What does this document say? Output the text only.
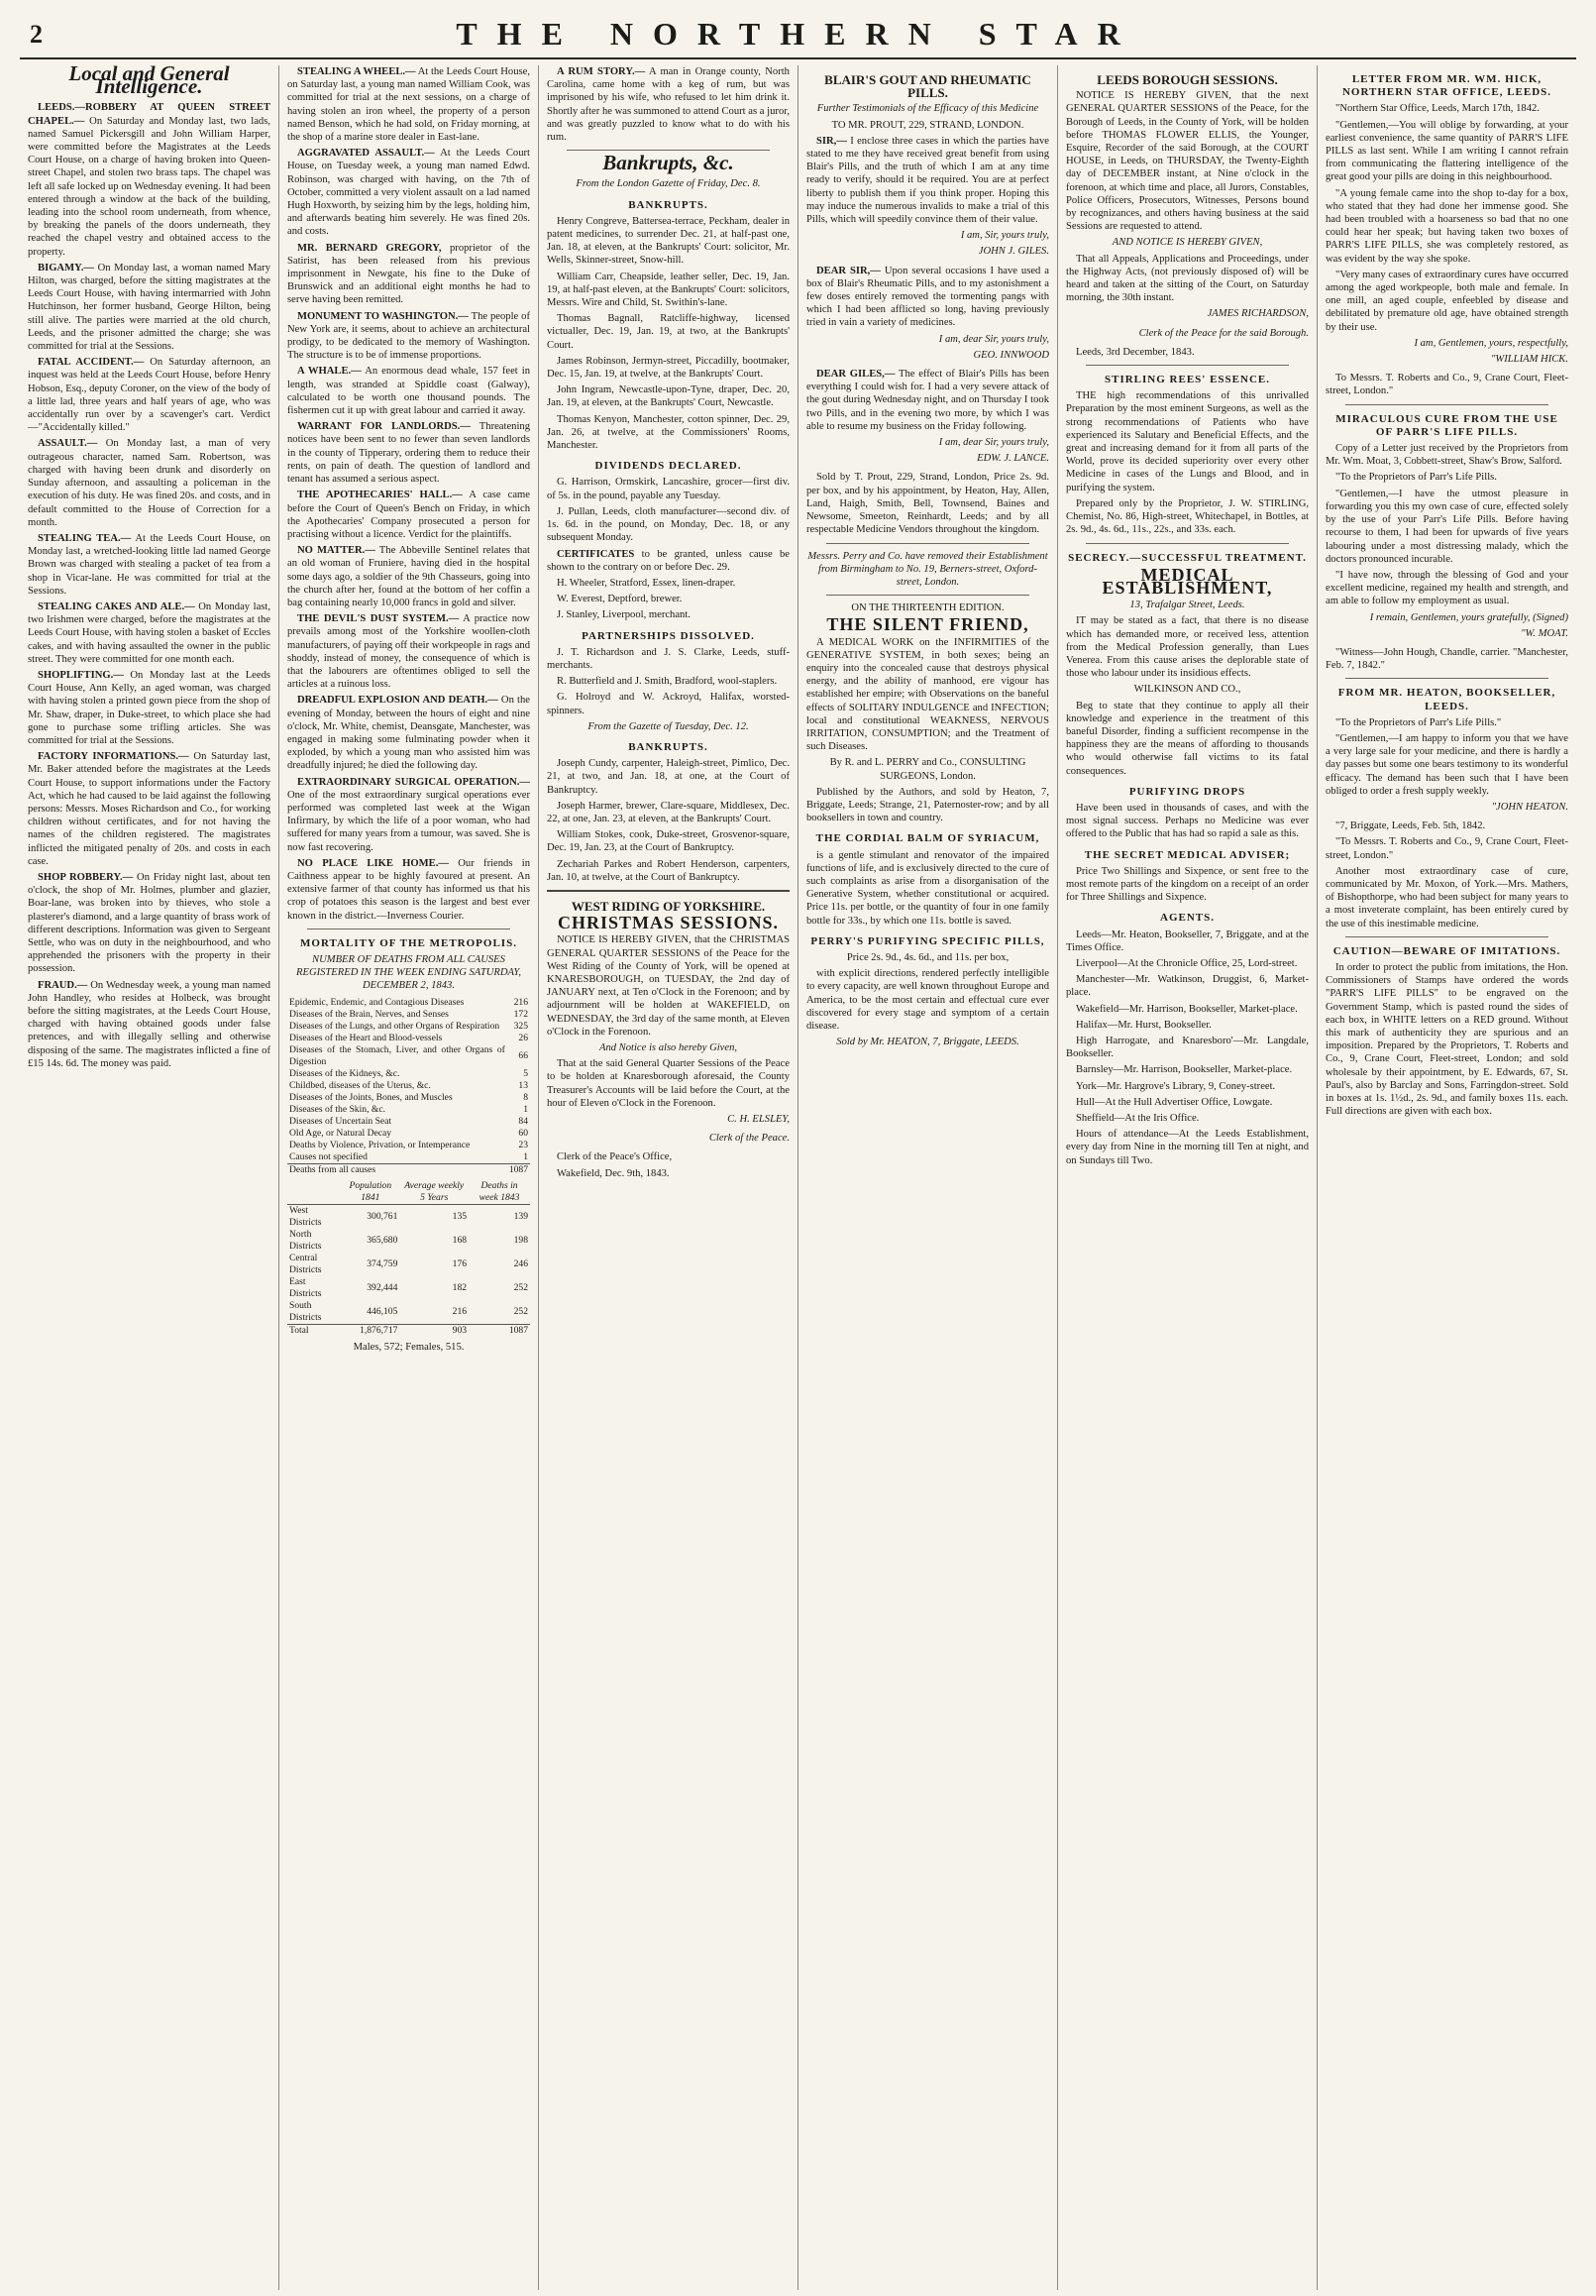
2	THE NORTHERN STAR
Local and General Intelligence.

LEEDS.—ROBBERY AT QUEEN STREET CHAPEL.— On Saturday and Monday last, two lads, named Samuel Pickersgill and John William Harper, were committed before the Magistrates at the Leeds Court House, on a charge of having broken into Queen-street Chapel, and stolen two brass taps. The chapel was left all safe locked up on Wednesday evening. It had been entered through a window at the back of the building, leading into the school room underneath, from whence, by breaking the panels of the doors underneath, they reached the chapel vestry and obtained access to the property.

BIGAMY.— On Monday last, a woman named Mary Hilton, was charged, before the sitting magistrates at the Leeds Court House, with having intermarried with John Hutchinson, her former husband, George Hilton, being still alive. The parties were married at the old church, Leeds, and the prisoner admitted the charge; she was committed for trial at the Sessions.

FATAL ACCIDENT.— On Saturday afternoon, an inquest was held at the Leeds Court House, before Henry Hobson, Esq., deputy Coroner, on the view of the body of a little lad, three years and half years of age, who was accidentally run over by a scavenger's cart. Verdict—"Accidentally killed."

ASSAULT.— On Monday last, a man of very outrageous character, named Sam. Robertson, was charged with having been drunk and disorderly on Sunday afternoon, and assaulting a policeman in the execution of his duty. He was fined 20s. and costs, and in default committed to the House of Correction for a month.

STEALING TEA.— At the Leeds Court House, on Monday last, a wretched-looking little lad named George Brown was charged with stealing a packet of tea from a shop in Vicar-lane. He was committed for trial at the Sessions.

STEALING CAKES AND ALE.— On Monday last, two Irishmen were charged, before the magistrates at the Leeds Court House, with having stolen a basket of Eccles cakes, and with having assaulted the owner in the public street. They were committed for one month each.

SHOPLIFTING.— On Monday last at the Leeds Court House, Ann Kelly, an aged woman, was charged with having stolen a printed gown piece from the shop of Mr. Shaw, draper, in Duke-street, to which place she had gone to purchase some trifling articles. She was committed for trial at the Sessions.

FACTORY INFORMATIONS.— On Saturday last, Mr. Baker attended before the magistrates at the Leeds Court House, to support informations under the Factory Act, which he had caused to be laid against the following persons: Messrs. Moses Richardson and Co., for working children without certificates, and for not having the names of the children registered. The magistrates inflicted the mitigated penalty of 20s. and costs in each case.

SHOP ROBBERY.— On Friday night last, about ten o'clock, the shop of Mr. Holmes, plumber and glazier, Boar-lane, was broken into by thieves, who stole a plasterer's diamond, and a large quantity of brass work of different descriptions. Information was given to Sergeant Settle, who was on duty in the neighbourhood, and who apprehended the prisoners with the property in their possession.

FRAUD.— On Wednesday week, a young man named John Handley, who resides at Holbeck, was brought before the sitting magistrates, at the Leeds Court House, charged with having obtained goods under false pretences, and with illegally selling and otherwise disposing of the same. The magistrates inflicted a fine of £15 14s. 6d. The money was paid.

STEALING A WHEEL.— At the Leeds Court House, on Saturday last, a young man named William Cook, was committed for trial at the next sessions, on a charge of having stolen an iron wheel, the property of a person named Benson, which he had sold, on Friday morning, at the shop of a marine store dealer in East-lane.

AGGRAVATED ASSAULT.— At the Leeds Court House, on Tuesday week, a young man named Edwd. Robinson, was charged with having, on the 7th of October, committed a very violent assault on a lad named Hugh Hoxworth, by seizing him by the legs, holding him, and afterwards beating him severely. He was fined 20s. and costs.

MR. BERNARD GREGORY, proprietor of the Satirist, has been released from his previous imprisonment in Newgate, his fine to the Duke of Brunswick and an additional eight months he had to serve having been remitted.

MONUMENT TO WASHINGTON.— The people of New York are, it seems, about to achieve an architectural prodigy, to be dedicated to the memory of Washington. The structure is to be of immense proportions.

A WHALE.— An enormous dead whale, 157 feet in length, was stranded at Spiddle coast (Galway), calculated to be worth one thousand pounds. The fishermen cut it up with great labour and carried it away.

WARRANT FOR LANDLORDS.— Threatening notices have been sent to no fewer than seven landlords in the county of Tipperary, ordering them to reduce their rents, on pain of death. The question of landlord and tenant has assumed a serious aspect.

THE APOTHECARIES' HALL.— A case came before the Court of Queen's Bench on Friday, in which the Apothecaries' Company prosecuted a person for practising without a licence. Verdict for the plaintiffs.

NO MATTER.— The Abbeville Sentinel relates that an old woman of Fruniere, having died in the hospital some days ago, a soldier of the 9th Chasseurs, going into the church after her, found at the bottom of her coffin a bag containing nearly 10,000 francs in gold and silver.

THE DEVIL'S DUST SYSTEM.— A practice now prevails among most of the Yorkshire woollen-cloth manufacturers, of paying off their workpeople in rags and shoddy, instead of money, the consequence of which is that the labourers are oftentimes obliged to sell the articles at a ruinous loss.

DREADFUL EXPLOSION AND DEATH.— On the evening of Monday, between the hours of eight and nine o'clock, Mr. White, chemist, Deansgate, Manchester, was engaged in making some fulminating powder when it exploded, by which a young man who assisted him was dreadfully injured; he died the following day.

EXTRAORDINARY SURGICAL OPERATION.— One of the most extraordinary surgical operations ever performed was completed last week at the Wigan Infirmary, by which the life of a poor woman, who had suffered for many years from a tumour, was saved. She is now fast recovering.

NO PLACE LIKE HOME.— Our friends in Caithness appear to be highly favoured at present. An extensive farmer of that county has informed us that his crop of potatoes this season is the largest and best ever known in the district.—Inverness Courier.

MORTALITY OF THE METROPOLIS.

NUMBER OF DEATHS FROM ALL CAUSES REGISTERED IN THE WEEK ENDING SATURDAY, DECEMBER 2, 1843.

Epidemic, Endemic, and Contagious Diseases	216
Diseases of the Brain, Nerves, and Senses	172
Diseases of the Lungs, and other Organs of Respiration	325
Diseases of the Heart and Blood-vessels	26
Diseases of the Stomach, Liver, and other Organs of Digestion	66
Diseases of the Kidneys, &c.	5
Childbed, diseases of the Uterus, &c.	13
Diseases of the Joints, Bones, and Muscles	8
Diseases of the Skin, &c.	1
Diseases of Uncertain Seat	84
Old Age, or Natural Decay	60
Deaths by Violence, Privation, or Intemperance	23
Causes not specified	1
Deaths from all causes	1087
	Population 1841	Average weekly 5 Years	Deaths in week 1843
West Districts	300,761	135	139
North Districts	365,680	168	198
Central Districts	374,759	176	246
East Districts	392,444	182	252
South Districts	446,105	216	252
Total	1,876,717	903	1087

Males, 572; Females, 515.

A RUM STORY.— A man in Orange county, North Carolina, came home with a keg of rum, but was imprisoned by his wife, who refused to let him drink it. Shortly after he was summoned to attend Court as a juror, and was greatly puzzled to know what to do with his rum.

Bankrupts, &c.

From the London Gazette of Friday, Dec. 8.

BANKRUPTS.

Henry Congreve, Battersea-terrace, Peckham, dealer in patent medicines, to surrender Dec. 21, at half-past one, Jan. 18, at eleven, at the Bankrupts' Court: solicitor, Mr. Wells, Skinner-street, Snow-hill.

William Carr, Cheapside, leather seller, Dec. 19, Jan. 19, at half-past eleven, at the Bankrupts' Court: solicitors, Messrs. Wire and Child, St. Swithin's-lane.

Thomas Bagnall, Ratcliffe-highway, licensed victualler, Dec. 19, Jan. 19, at two, at the Bankrupts' Court.

James Robinson, Jermyn-street, Piccadilly, bootmaker, Dec. 15, Jan. 19, at twelve, at the Bankrupts' Court.

John Ingram, Newcastle-upon-Tyne, draper, Dec. 20, Jan. 19, at eleven, at the Bankrupts' Court, Newcastle.

Thomas Kenyon, Manchester, cotton spinner, Dec. 29, Jan. 26, at twelve, at the Commissioners' Rooms, Manchester.

DIVIDENDS DECLARED.

G. Harrison, Ormskirk, Lancashire, grocer—first div. of 5s. in the pound, payable any Tuesday.

J. Pullan, Leeds, cloth manufacturer—second div. of 1s. 6d. in the pound, on Monday, Dec. 18, or any subsequent Monday.

CERTIFICATES to be granted, unless cause be shown to the contrary on or before Dec. 29.

H. Wheeler, Stratford, Essex, linen-draper.

W. Everest, Deptford, brewer.

J. Stanley, Liverpool, merchant.

PARTNERSHIPS DISSOLVED.

J. T. Richardson and J. S. Clarke, Leeds, stuff-merchants.

R. Butterfield and J. Smith, Bradford, wool-staplers.

G. Holroyd and W. Ackroyd, Halifax, worsted-spinners.

From the Gazette of Tuesday, Dec. 12.

BANKRUPTS.

Joseph Cundy, carpenter, Haleigh-street, Pimlico, Dec. 21, at two, and Jan. 18, at one, at the Court of Bankruptcy.

Joseph Harmer, brewer, Clare-square, Middlesex, Dec. 22, at one, Jan. 23, at eleven, at the Bankrupts' Court.

William Stokes, cook, Duke-street, Grosvenor-square, Dec. 19, Jan. 23, at the Court of Bankruptcy.

Zechariah Parkes and Robert Henderson, carpenters, Jan. 10, at twelve, at the Court of Bankruptcy.

WEST RIDING OF YORKSHIRE.
CHRISTMAS SESSIONS.

NOTICE IS HEREBY GIVEN, that the CHRISTMAS GENERAL QUARTER SESSIONS of the Peace for the West Riding of the County of York, will be opened at KNARESBOROUGH, on TUESDAY, the 2nd day of JANUARY next, at Ten o'Clock in the Forenoon; and by adjournment will be holden at WAKEFIELD, on WEDNESDAY, the 3rd day of the same month, at Eleven o'Clock in the Forenoon.

And Notice is also hereby Given,

That at the said General Quarter Sessions of the Peace to be holden at Knaresborough aforesaid, the County Treasurer's Accounts will be laid before the Court, at the hour of Eleven o'Clock in the Forenoon.

C. H. ELSLEY,
Clerk of the Peace.

Clerk of the Peace's Office,

Wakefield, Dec. 9th, 1843.

BLAIR'S GOUT AND RHEUMATIC PILLS.

Further Testimonials of the Efficacy of this Medicine

TO MR. PROUT, 229, STRAND, LONDON.

SIR,— I enclose three cases in which the parties have stated to me they have received great benefit from using Blair's Pills, and the truth of which I am at any time ready to verify, should it be required. You are at perfect liberty to publish them if you think proper. Hoping this may induce the numerous invalids to make a trial of this Pills, which will speedily convince them of their value.

I am, Sir, yours truly,

JOHN J. GILES.

DEAR SIR,— Upon several occasions I have used a box of Blair's Rheumatic Pills, and to my astonishment a few doses entirely removed the tormenting pangs with which I had been afflicted so long, having previously tried in vain a variety of medicines.

I am, dear Sir, yours truly,

GEO. INNWOOD

DEAR GILES,— The effect of Blair's Pills has been everything I could wish for. I had a very severe attack of the gout during Wednesday night, and on Thursday I took two Pills, and in the evening two more, by which I was able to resume my business on the Friday following.

I am, dear Sir, yours truly,

EDW. J. LANCE.

Sold by T. Prout, 229, Strand, London, Price 2s. 9d. per box, and by his appointment, by Heaton, Hay, Allen, Land, Haigh, Smith, Bell, Townsend, Baines and Newsome, Smeeton, Reinhardt, Leeds; and by all respectable Medicine Vendors throughout the kingdom.

Messrs. Perry and Co. have removed their Establishment from Birmingham to No. 19, Berners-street, Oxford-street, London.

ON THE THIRTEENTH EDITION.

THE SILENT FRIEND,

A MEDICAL WORK on the INFIRMITIES of the GENERATIVE SYSTEM, in both sexes; being an enquiry into the concealed cause that destroys physical energy, and the ability of manhood, ere vigour has established her empire; with Observations on the baneful effects of SOLITARY INDULGENCE and INFECTION; local and constitutional WEAKNESS, NERVOUS IRRITATION, CONSUMPTION; and the Treatment of such Diseases.

By R. and L. PERRY and Co., CONSULTING SURGEONS, London.

Published by the Authors, and sold by Heaton, 7, Briggate, Leeds; Strange, 21, Paternoster-row; and by all booksellers in town and country.

THE CORDIAL BALM OF SYRIACUM,

is a gentle stimulant and renovator of the impaired functions of life, and is exclusively directed to the cure of such complaints as arise from a disorganisation of the Generative System, whether constitutional or acquired. Price 11s. per bottle, or the quantity of four in one family bottle for 33s., by which one 11s. bottle is saved.

PERRY'S PURIFYING SPECIFIC PILLS,

Price 2s. 9d., 4s. 6d., and 11s. per box,

with explicit directions, rendered perfectly intelligible to every capacity, are well known throughout Europe and America, to be the most certain and effectual cure ever discovered for every stage and symptom of a certain disease.

Sold by Mr. HEATON, 7, Briggate, LEEDS.

LEEDS BOROUGH SESSIONS.

NOTICE IS HEREBY GIVEN, that the next GENERAL QUARTER SESSIONS of the Peace, for the Borough of Leeds, in the County of York, will be holden before THOMAS FLOWER ELLIS, the Younger, Esquire, Recorder of the said Borough, at the COURT HOUSE, in Leeds, on THURSDAY, the Twenty-Eighth day of DECEMBER instant, at Nine o'clock in the forenoon, at which time and place, all Jurors, Constables, Police Officers, Prosecutors, Witnesses, Persons bound by recognizances, and others having business at the said Sessions are requested to attend.

AND NOTICE IS HEREBY GIVEN,

That all Appeals, Applications and Proceedings, under the Highway Acts, (not previously disposed of) will be heard and taken at the sitting of the Court, on Saturday morning, the 30th instant.

JAMES RICHARDSON,
Clerk of the Peace for the said Borough.

Leeds, 3rd December, 1843.

STIRLING REES' ESSENCE.

THE high recommendations of this unrivalled Preparation by the most eminent Surgeons, as well as the strong recommendations of Patients who have experienced its Salutary and Beneficial Effects, and the great and increasing demand for it from all parts of the World, prove its decided superiority over every other Medicine in cases of the Lungs and Blood, and in purifying the system.

Prepared only by the Proprietor, J. W. STIRLING, Chemist, No. 86, High-street, Whitechapel, in Bottles, at 2s. 9d., 4s. 6d., 11s., 22s., and 33s. each.

SECRECY.—SUCCESSFUL TREATMENT.
MEDICAL ESTABLISHMENT,

13, Trafalgar Street, Leeds.

IT may be stated as a fact, that there is no disease which has demanded more, or received less, attention from the Medical Profession generally, than Lues Venerea. From this cause arises the deplorable state of those who labour under its insidious effects.

WILKINSON AND CO.,

Beg to state that they continue to apply all their knowledge and experience in the treatment of this baneful Disorder, finding a sufficient recompense in the happiness they are the means of affording to thousands who would otherwise fall victims to its fatal consequences.

PURIFYING DROPS

Have been used in thousands of cases, and with the most signal success. Perhaps no Medicine was ever offered to the Public that has had so rapid a sale as this.

THE SECRET MEDICAL ADVISER;

Price Two Shillings and Sixpence, or sent free to the most remote parts of the kingdom on a receipt of an order for Three Shillings and Sixpence.

AGENTS.

Leeds—Mr. Heaton, Bookseller, 7, Briggate, and at the Times Office.

Liverpool—At the Chronicle Office, 25, Lord-street.

Manchester—Mr. Watkinson, Druggist, 6, Market-place.

Wakefield—Mr. Harrison, Bookseller, Market-place.

Halifax—Mr. Hurst, Bookseller.

High Harrogate, and Knaresboro'—Mr. Langdale, Bookseller.

Barnsley—Mr. Harrison, Bookseller, Market-place.

York—Mr. Hargrove's Library, 9, Coney-street.

Hull—At the Hull Advertiser Office, Lowgate.

Sheffield—At the Iris Office.

Hours of attendance—At the Leeds Establishment, every day from Nine in the morning till Ten at night, and on Sundays till Two.

LETTER FROM MR. WM. HICK, NORTHERN STAR OFFICE, LEEDS.

"Northern Star Office, Leeds, March 17th, 1842.

"Gentlemen,—You will oblige by forwarding, at your earliest convenience, the same quantity of PARR'S LIFE PILLS as last sent. While I am writing I cannot refrain from communicating the flattering intelligence of the great good your pills are doing in this neighbourhood.

"A young female came into the shop to-day for a box, who stated that they had done her immense good. She had been troubled with a hoarseness so bad that no one could hear her speak; but having taken two boxes of PARR'S LIFE PILLS, she was completely restored, as was evident by the way she spoke.

"Very many cases of extraordinary cures have occurred among the aged workpeople, both male and female. In one mill, an aged couple, enfeebled by disease and debilitated by premature old age, have obtained strength by their use.

I am, Gentlemen, yours, respectfully,

"WILLIAM HICK.

To Messrs. T. Roberts and Co., 9, Crane Court, Fleet-street, London."

MIRACULOUS CURE FROM THE USE OF PARR'S LIFE PILLS.

Copy of a Letter just received by the Proprietors from Mr. Wm. Moat, 3, Cobbett-street, Shaw's Brow, Salford.

"To the Proprietors of Parr's Life Pills.

"Gentlemen,—I have the utmost pleasure in forwarding you this my own case of cure, effected solely by the use of your Parr's Life Pills. Before having recourse to them, I had been for upwards of five years labouring under a most distressing malady, which the doctors pronounced incurable.

"I have now, through the blessing of God and your excellent medicine, regained my health and strength, and am able to follow my employment as usual.

I remain, Gentlemen, yours gratefully, (Signed)

"W. MOAT.

"Witness—John Hough, Chandle, carrier. "Manchester, Feb. 7, 1842."

FROM MR. HEATON, BOOKSELLER, LEEDS.

"To the Proprietors of Parr's Life Pills."

"Gentlemen,—I am happy to inform you that we have a very large sale for your medicine, and there is hardly a day passes but some one bears testimony to its wonderful efficacy. The demand has been such that I have been obliged to order a fresh supply weekly.

"JOHN HEATON.

"7, Briggate, Leeds, Feb. 5th, 1842.

"To Messrs. T. Roberts and Co., 9, Crane Court, Fleet-street, London."

Another most extraordinary case of cure, communicated by Mr. Moxon, of York.—Mrs. Mathers, of Bishopthorpe, who had been subject for many years to a most inveterate complaint, has been entirely cured by the use of this inestimable medicine.

CAUTION—BEWARE OF IMITATIONS.

In order to protect the public from imitations, the Hon. Commissioners of Stamps have ordered the words "PARR'S LIFE PILLS" to be engraved on the Government Stamp, which is pasted round the sides of each box, in WHITE letters on a RED ground. Without this mark of authenticity they are spurious and an imposition. Prepared by the Proprietors, T. Roberts and Co., 9, Crane Court, Fleet-street, London; and sold wholesale by their appointment, by E. Edwards, 67, St. Paul's, also by Barclay and Sons, Farringdon-street. Sold in boxes at 1s. 1½d., 2s. 9d., and family boxes 11s. each. Full directions are given with each box.
